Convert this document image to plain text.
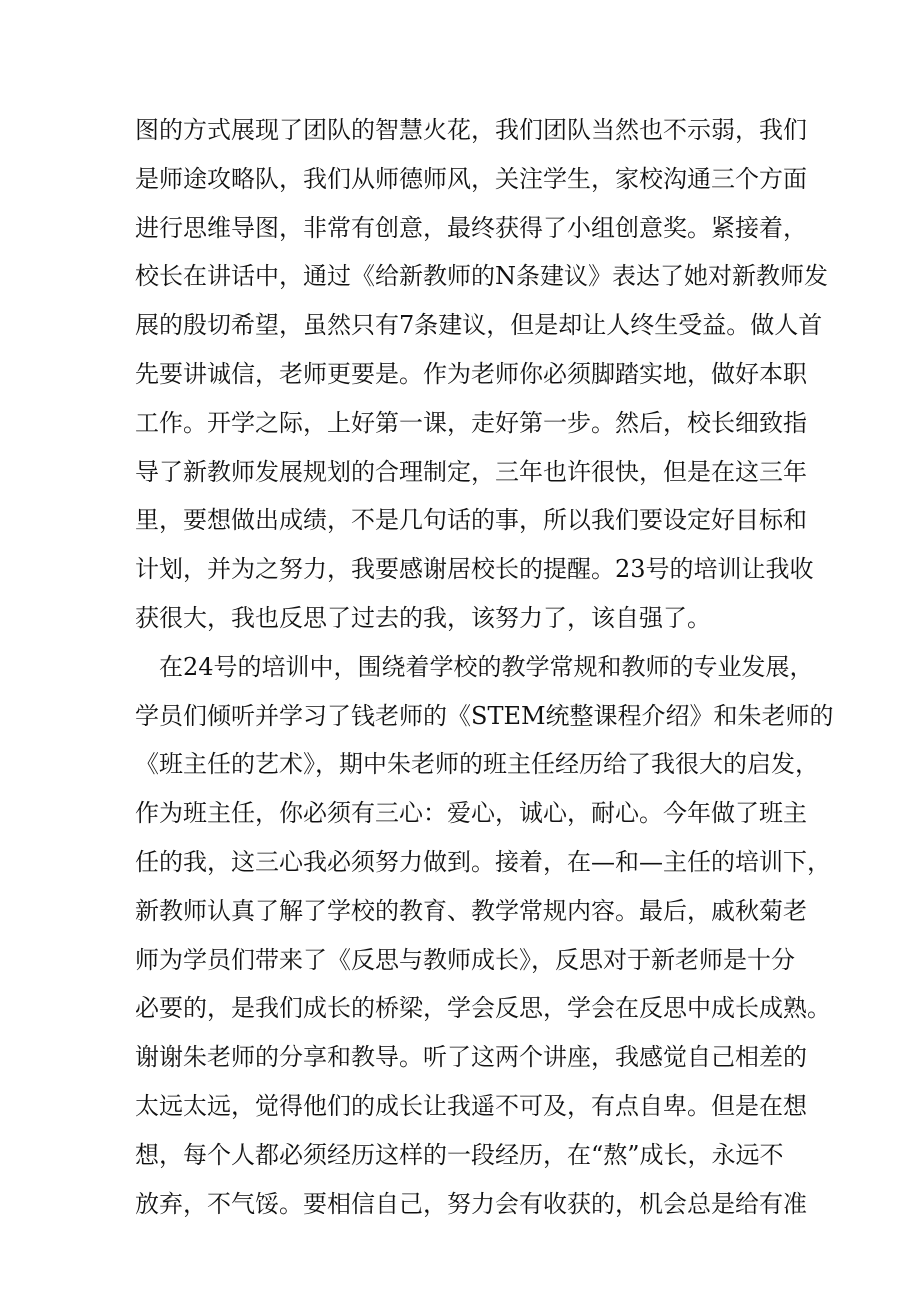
图的方式展现了团队的智慧火花，我们团队当然也不示弱，我们
是师途攻略队，我们从师德师风，关注学生，家校沟通三个方面
进行思维导图，非常有创意，最终获得了小组创意奖。紧接着，
校长在讲话中，通过《给新教师的N条建议》表达了她对新教师发
展的殷切希望，虽然只有7条建议，但是却让人终生受益。做人首
先要讲诚信，老师更要是。作为老师你必须脚踏实地，做好本职
工作。开学之际，上好第一课，走好第一步。然后，校长细致指
导了新教师发展规划的合理制定，三年也许很快，但是在这三年
里，要想做出成绩，不是几句话的事，所以我们要设定好目标和
计划，并为之努力，我要感谢居校长的提醒。23号的培训让我收
获很大，我也反思了过去的我，该努力了，该自强了。
在24号的培训中，围绕着学校的教学常规和教师的专业发展，
学员们倾听并学习了钱老师的《STEM统整课程介绍》和朱老师的
《班主任的艺术》，期中朱老师的班主任经历给了我很大的启发，
作为班主任，你必须有三心：爱心，诚心，耐心。今年做了班主
任的我，这三心我必须努力做到。接着，在—和—主任的培训下，
新教师认真了解了学校的教育、教学常规内容。最后，戚秋菊老
师为学员们带来了《反思与教师成长》，反思对于新老师是十分
必要的，是我们成长的桥梁，学会反思，学会在反思中成长成熟。
谢谢朱老师的分享和教导。听了这两个讲座，我感觉自己相差的
太远太远，觉得他们的成长让我遥不可及，有点自卑。但是在想
想，每个人都必须经历这样的一段经历，在“熬”成长，永远不
放弃，不气馁。要相信自己，努力会有收获的，机会总是给有准
